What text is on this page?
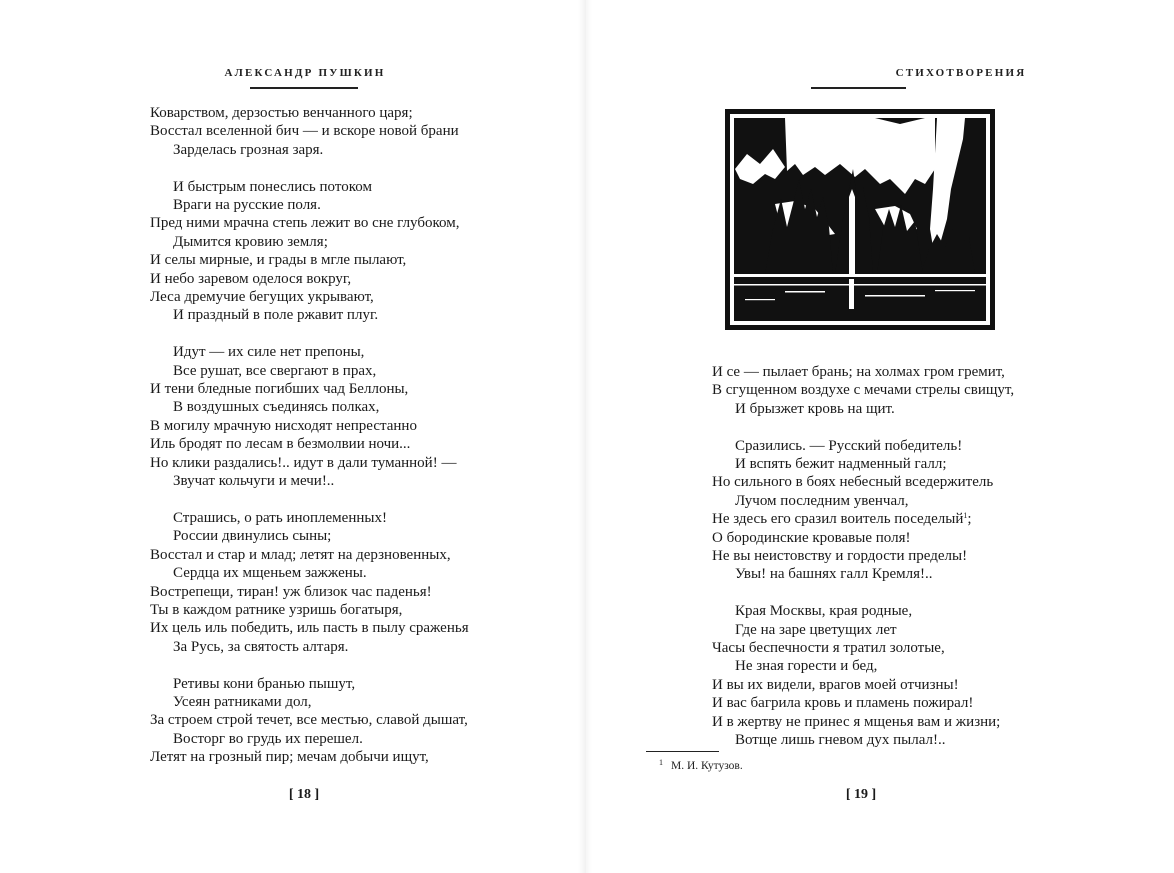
АЛЕКСАНДР ПУШКИН
Коварством, дерзостью венчанного царя;
Восстал вселенной бич — и вскоре новой брани
Зарделась грозная заря.
И быстрым понеслись потоком
Враги на русские поля.
Пред ними мрачна степь лежит во сне глубоком,
Дымится кровию земля;
И селы мирные, и грады в мгле пылают,
И небо заревом оделося вокруг,
Леса дремучие бегущих укрывают,
И праздный в поле ржавит плуг.
Идут — их силе нет препоны,
Все рушат, все свергают в прах,
И тени бледные погибших чад Беллоны,
В воздушных съединясь полках,
В могилу мрачную нисходят непрестанно
Иль бродят по лесам в безмолвии ночи...
Но клики раздались!.. идут в дали туманной! —
Звучат кольчуги и мечи!..
Страшись, о рать иноплеменных!
России двинулись сыны;
Восстал и стар и млад; летят на дерзновенных,
Сердца их мщеньем зажжены.
Вострепещи, тиран! уж близок час паденья!
Ты в каждом ратнике узришь богатыря,
Их цель иль победить, иль пасть в пылу сраженья
За Русь, за святость алтаря.
Ретивы кони бранью пышут,
Усеян ратниками дол,
За строем строй течет, все местью, славой дышат,
Восторг во грудь их перешел.
Летят на грозный пир; мечам добычи ищут,
[ 18 ]
СТИХОТВОРЕНИЯ
И се — пылает брань; на холмах гром гремит,
В сгущенном воздухе с мечами стрелы свищут,
И брызжет кровь на щит.
Сразились. — Русский победитель!
И вспять бежит надменный галл;
Но сильного в боях небесный вседержитель
Лучом последним увенчал,
Не здесь его сразил воитель поседелый$^1$;
О бородинские кровавые поля!
Не вы неистовству и гордости пределы!
Увы! на башнях галл Кремля!..
Края Москвы, края родные,
Где на заре цветущих лет
Часы беспечности я тратил золотые,
Не зная горести и бед,
И вы их видели, врагов моей отчизны!
И вас багрила кровь и пламень пожирал!
И в жертву не принес я мщенья вам и жизни;
Вотще лишь гневом дух пылал!..
$^1$ М. И. Кутузов.
[ 19 ]
